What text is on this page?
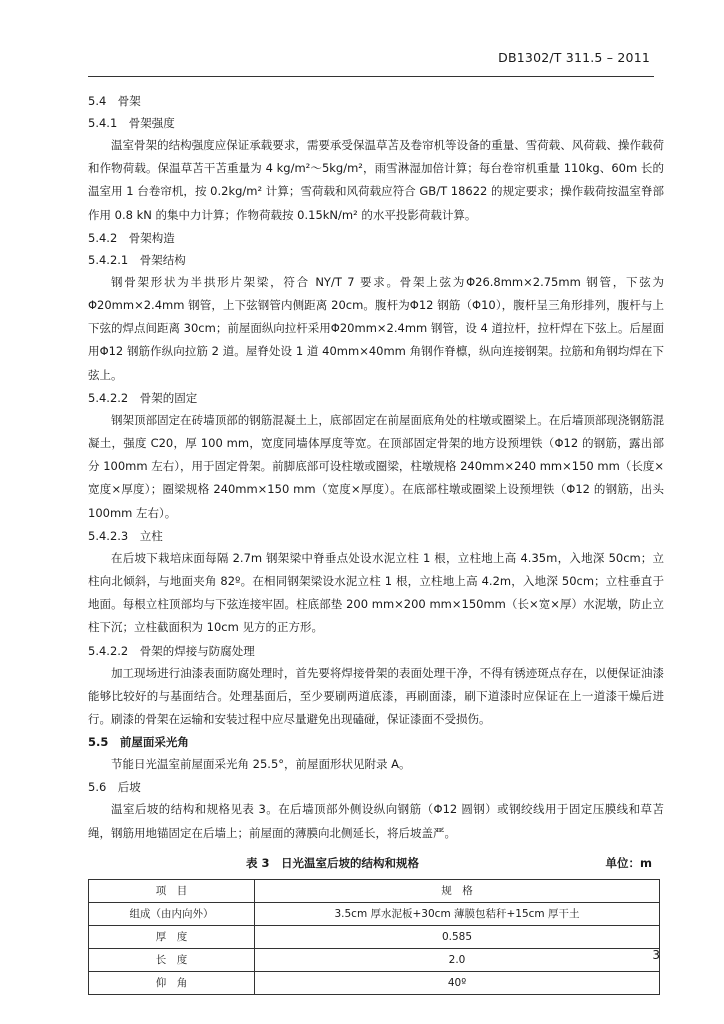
DB1302/T 311.5 – 2011
5.4　 骨架
5.4.1　 骨架强度

温室骨架的结构强度应保证承载要求，需要承受保温草苫及卷帘机等设备的重量、雪荷载、风荷载、操作载荷和作物荷载。保温草苫干苫重量为 4 kg/m²～5kg/m²，雨雪淋湿加倍计算；每台卷帘机重量 110kg、60m 长的温室用 1 台卷帘机，按 0.2kg/m² 计算；雪荷载和风荷载应符合 GB/T 18622 的规定要求；操作载荷按温室脊部作用 0.8 kN 的集中力计算；作物荷载按 0.15kN/m² 的水平投影荷载计算。

5.4.2　 骨架构造
5.4.2.1　 骨架结构

钢骨架形状为半拱形片架梁，符合 NY/T 7 要求。骨架上弦为Φ26.8mm×2.75mm 钢管，下弦为Φ20mm×2.4mm 钢管，上下弦钢管内侧距离 20cm。腹杆为Φ12 钢筋（Φ10），腹杆呈三角形排列，腹杆与上下弦的焊点间距离 30cm；前屋面纵向拉杆采用Φ20mm×2.4mm 钢管，设 4 道拉杆，拉杆焊在下弦上。后屋面用Φ12 钢筋作纵向拉筋 2 道。屋脊处设 1 道 40mm×40mm 角钢作脊檩，纵向连接钢架。拉筋和角钢均焊在下弦上。

5.4.2.2　 骨架的固定

钢架顶部固定在砖墙顶部的钢筋混凝土上，底部固定在前屋面底角处的柱墩或圈梁上。在后墙顶部现浇钢筋混凝土，强度 C20，厚 100 mm，宽度同墙体厚度等宽。在顶部固定骨架的地方设预埋铁（Φ12 的钢筋，露出部分 100mm 左右），用于固定骨架。前脚底部可设柱墩或圈梁，柱墩规格 240mm×240 mm×150 mm（长度×宽度×厚度）；圈梁规格 240mm×150 mm（宽度×厚度）。在底部柱墩或圈梁上设预埋铁（Φ12 的钢筋，出头 100mm 左右）。

5.4.2.3　 立柱

在后坡下栽培床面每隔 2.7m 钢架梁中脊垂点处设水泥立柱 1 根，立柱地上高 4.35m，入地深 50cm；立柱向北倾斜，与地面夹角 82º。在相同钢架梁设水泥立柱 1 根，立柱地上高 4.2m，入地深 50cm；立柱垂直于地面。每根立柱顶部均与下弦连接牢固。柱底部垫 200 mm×200 mm×150mm（长×宽×厚）水泥墩，防止立柱下沉；立柱截面积为 10cm 见方的正方形。

5.4.2.2　 骨架的焊接与防腐处理

加工现场进行油漆表面防腐处理时，首先要将焊接骨架的表面处理干净，不得有锈迹斑点存在，以便保证油漆能够比较好的与基面结合。处理基面后，至少要刷两道底漆，再刷面漆，刷下道漆时应保证在上一道漆干燥后进行。刷漆的骨架在运输和安装过程中应尽量避免出现磕碰，保证漆面不受损伤。

5.5　 前屋面采光角

节能日光温室前屋面采光角 25.5°，前屋面形状见附录 A。

5.6　 后坡

温室后坡的结构和规格见表 3。在后墙顶部外侧设纵向钢筋（Φ12 圆钢）或钢绞线用于固定压膜线和草苫绳，钢筋用地锚固定在后墙上；前屋面的薄膜向北侧延长，将后坡盖严。

表 3　日光温室后坡的结构和规格	单位：m
项　目	规　格
组成（由内向外）	3.5cm 厚水泥板+30cm 薄膜包秸秆+15cm 厚干土
厚　度	0.585
长　度	2.0
仰　角	40º
3
